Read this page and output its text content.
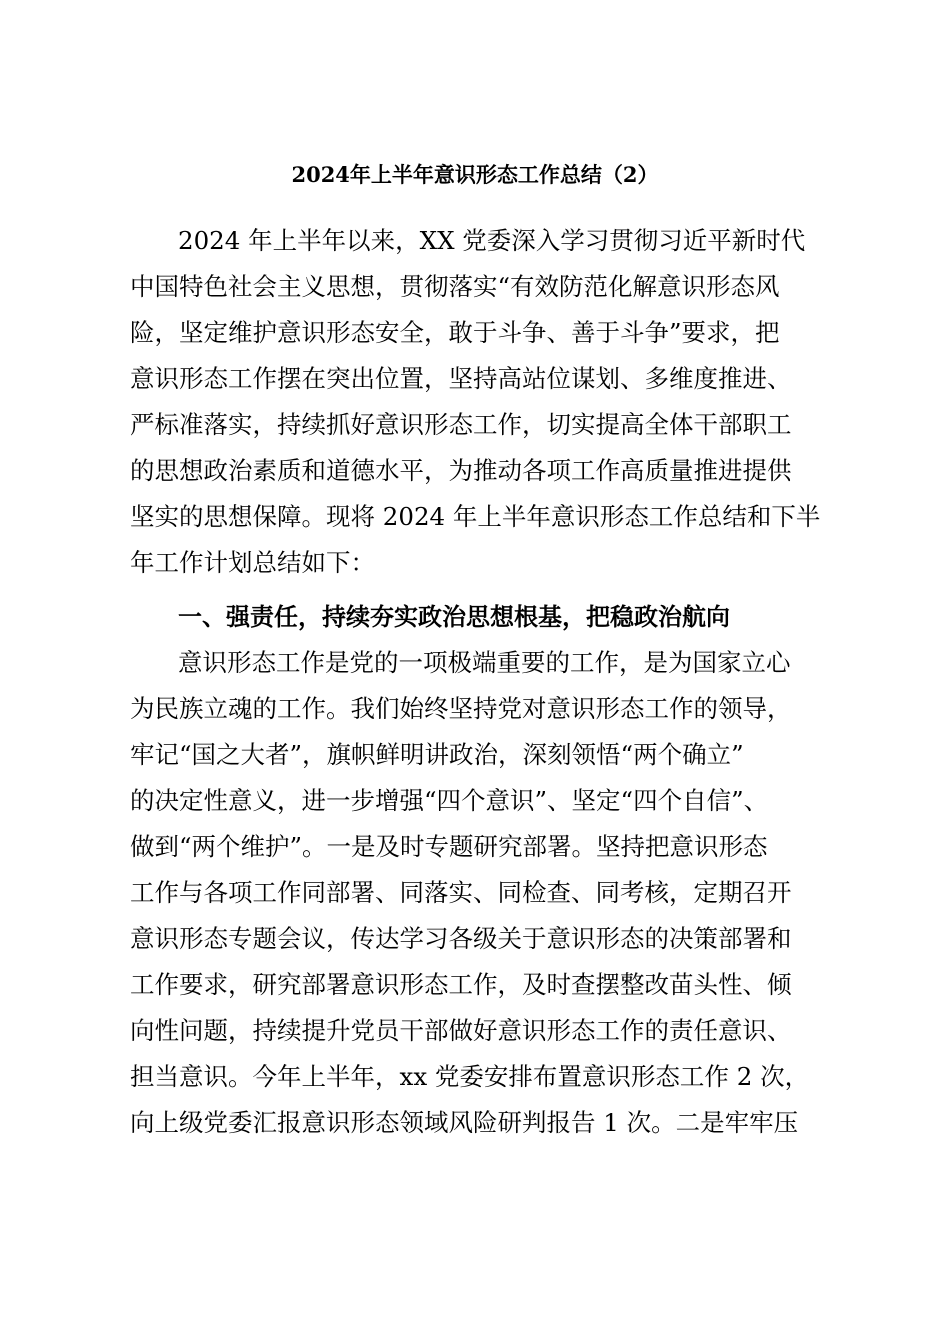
2024年上半年意识形态工作总结（2）
2024 年上半年以来，XX 党委深入学习贯彻习近平新时代
中国特色社会主义思想，贯彻落实“有效防范化解意识形态风
险，坚定维护意识形态安全，敢于斗争、善于斗争”要求，把
意识形态工作摆在突出位置，坚持高站位谋划、多维度推进、
严标准落实，持续抓好意识形态工作，切实提高全体干部职工
的思想政治素质和道德水平，为推动各项工作高质量推进提供
坚实的思想保障。现将 2024 年上半年意识形态工作总结和下半
年工作计划总结如下：
一、强责任，持续夯实政治思想根基，把稳政治航向
意识形态工作是党的一项极端重要的工作，是为国家立心
为民族立魂的工作。我们始终坚持党对意识形态工作的领导，
牢记“国之大者”，旗帜鲜明讲政治，深刻领悟“两个确立”
的决定性意义，进一步增强“四个意识”、坚定“四个自信”、
做到“两个维护”。一是及时专题研究部署。坚持把意识形态
工作与各项工作同部署、同落实、同检查、同考核，定期召开
意识形态专题会议，传达学习各级关于意识形态的决策部署和
工作要求，研究部署意识形态工作，及时查摆整改苗头性、倾
向性问题，持续提升党员干部做好意识形态工作的责任意识、
担当意识。今年上半年，xx 党委安排布置意识形态工作 2 次，
向上级党委汇报意识形态领域风险研判报告 1 次。二是牢牢压
